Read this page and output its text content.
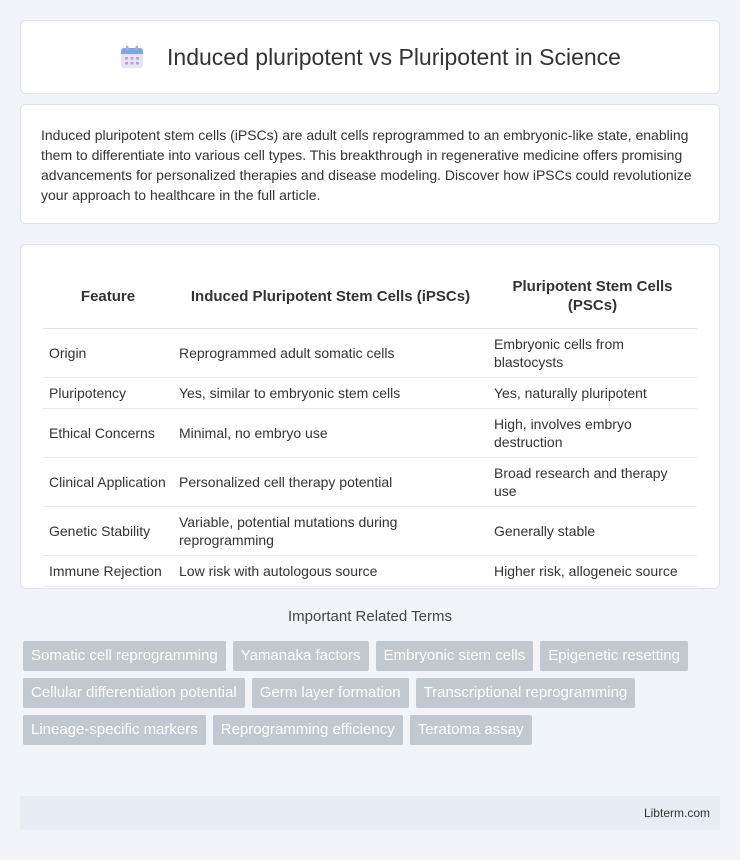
Induced pluripotent vs Pluripotent in Science

Induced pluripotent stem cells (iPSCs) are adult cells reprogrammed to an embryonic-like state, enabling them to differentiate into various cell types. This breakthrough in regenerative medicine offers promising advancements for personalized therapies and disease modeling. Discover how iPSCs could revolutionize your approach to healthcare in the full article.

Feature	Induced Pluripotent Stem Cells (iPSCs)	Pluripotent Stem Cells (PSCs)
Origin	Reprogrammed adult somatic cells	Embryonic cells from blastocysts
Pluripotency	Yes, similar to embryonic stem cells	Yes, naturally pluripotent
Ethical Concerns	Minimal, no embryo use	High, involves embryo destruction
Clinical Application	Personalized cell therapy potential	Broad research and therapy use
Genetic Stability	Variable, potential mutations during reprogramming	Generally stable
Immune Rejection	Low risk with autologous source	Higher risk, allogeneic source
Important Related Terms
Somatic cell reprogramming	Yamanaka factors	Embryonic stem cells	Epigenetic resetting
Cellular differentiation potential	Germ layer formation	Transcriptional reprogramming
Lineage-specific markers	Reprogramming efficiency	Teratoma assay
Libterm.com
